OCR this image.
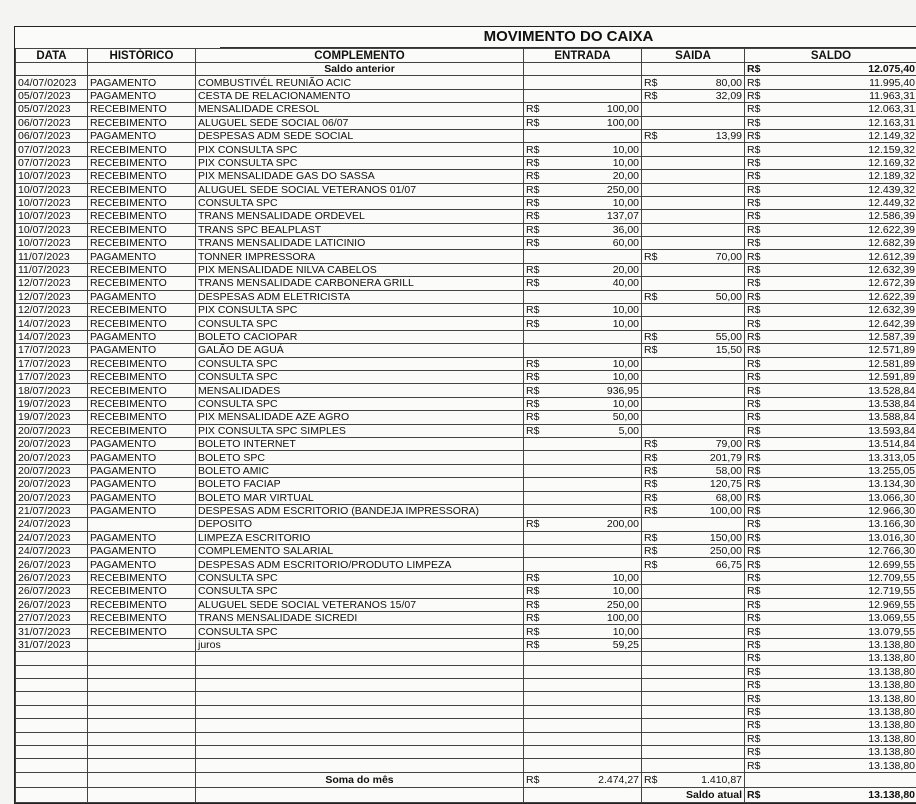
MOVIMENTO DO CAIXA
DATA	HISTÓRICO	COMPLEMENTO	ENTRADA	SAIDA	SALDO
		Saldo anterior			R$ 12.075,40
04/07/02023	PAGAMENTO	COMBUSTIVÉL REUNIÃO ACIC		R$ 80,00	R$ 11.995,40
05/07/2023	PAGAMENTO	CESTA DE RELACIONAMENTO		R$ 32,09	R$ 11.963,31
05/07/2023	RECEBIMENTO	MENSALIDADE CRESOL	R$ 100,00		R$ 12.063,31
06/07/2023	RECEBIMENTO	ALUGUEL SEDE SOCIAL 06/07	R$ 100,00		R$ 12.163,31
06/07/2023	PAGAMENTO	DESPESAS ADM SEDE SOCIAL		R$ 13,99	R$ 12.149,32
07/07/2023	RECEBIMENTO	PIX CONSULTA SPC	R$ 10,00		R$ 12.159,32
07/07/2023	RECEBIMENTO	PIX CONSULTA SPC	R$ 10,00		R$ 12.169,32
10/07/2023	RECEBIMENTO	PIX MENSALIDADE GAS DO SASSA	R$ 20,00		R$ 12.189,32
10/07/2023	RECEBIMENTO	ALUGUEL SEDE SOCIAL VETERANOS 01/07	R$ 250,00		R$ 12.439,32
10/07/2023	RECEBIMENTO	CONSULTA SPC	R$ 10,00		R$ 12.449,32
10/07/2023	RECEBIMENTO	TRANS MENSALIDADE ORDEVEL	R$ 137,07		R$ 12.586,39
10/07/2023	RECEBIMENTO	TRANS SPC BEALPLAST	R$ 36,00		R$ 12.622,39
10/07/2023	RECEBIMENTO	TRANS MENSALIDADE LATICINIO	R$ 60,00		R$ 12.682,39
11/07/2023	PAGAMENTO	TONNER IMPRESSORA		R$ 70,00	R$ 12.612,39
11/07/2023	RECEBIMENTO	PIX MENSALIDADE NILVA CABELOS	R$ 20,00		R$ 12.632,39
12/07/2023	RECEBIMENTO	TRANS MENSALIDADE CARBONERA GRILL	R$ 40,00		R$ 12.672,39
12/07/2023	PAGAMENTO	DESPESAS ADM ELETRICISTA		R$ 50,00	R$ 12.622,39
12/07/2023	RECEBIMENTO	PIX CONSULTA SPC	R$ 10,00		R$ 12.632,39
14/07/2023	RECEBIMENTO	CONSULTA SPC	R$ 10,00		R$ 12.642,39
14/07/2023	PAGAMENTO	BOLETO CACIOPAR		R$ 55,00	R$ 12.587,39
17/07/2023	PAGAMENTO	GALÃO DE AGUÁ		R$ 15,50	R$ 12.571,89
17/07/2023	RECEBIMENTO	CONSULTA SPC	R$ 10,00		R$ 12.581,89
17/07/2023	RECEBIMENTO	CONSULTA SPC	R$ 10,00		R$ 12.591,89
18/07/2023	RECEBIMENTO	MENSALIDADES	R$ 936,95		R$ 13.528,84
19/07/2023	RECEBIMENTO	CONSULTA SPC	R$ 10,00		R$ 13.538,84
19/07/2023	RECEBIMENTO	PIX MENSALIDADE AZE AGRO	R$ 50,00		R$ 13.588,84
20/07/2023	RECEBIMENTO	PIX CONSULTA SPC SIMPLES	R$ 5,00		R$ 13.593,84
20/07/2023	PAGAMENTO	BOLETO INTERNET		R$ 79,00	R$ 13.514,84
20/07/2023	PAGAMENTO	BOLETO SPC		R$ 201,79	R$ 13.313,05
20/07/2023	PAGAMENTO	BOLETO AMIC		R$ 58,00	R$ 13.255,05
20/07/2023	PAGAMENTO	BOLETO FACIAP		R$ 120,75	R$ 13.134,30
20/07/2023	PAGAMENTO	BOLETO MAR VIRTUAL		R$ 68,00	R$ 13.066,30
21/07/2023	PAGAMENTO	DESPESAS ADM ESCRITORIO (BANDEJA IMPRESSORA)		R$ 100,00	R$ 12.966,30
24/07/2023		DEPOSITO	R$ 200,00		R$ 13.166,30
24/07/2023	PAGAMENTO	LIMPEZA ESCRITORIO		R$ 150,00	R$ 13.016,30
24/07/2023	PAGAMENTO	COMPLEMENTO SALARIAL		R$ 250,00	R$ 12.766,30
26/07/2023	PAGAMENTO	DESPESAS ADM ESCRITORIO/PRODUTO LIMPEZA		R$ 66,75	R$ 12.699,55
26/07/2023	RECEBIMENTO	CONSULTA SPC	R$ 10,00		R$ 12.709,55
26/07/2023	RECEBIMENTO	CONSULTA SPC	R$ 10,00		R$ 12.719,55
26/07/2023	RECEBIMENTO	ALUGUEL SEDE SOCIAL VETERANOS 15/07	R$ 250,00		R$ 12.969,55
27/07/2023	RECEBIMENTO	TRANS MENSALIDADE SICREDI	R$ 100,00		R$ 13.069,55
31/07/2023	RECEBIMENTO	CONSULTA SPC	R$ 10,00		R$ 13.079,55
31/07/2023		juros	R$ 59,25		R$ 13.138,80

					R$ 13.138,80

					R$ 13.138,80

					R$ 13.138,80

					R$ 13.138,80

					R$ 13.138,80

					R$ 13.138,80

					R$ 13.138,80

					R$ 13.138,80

					R$ 13.138,80
		Soma do mês	R$ 2.474,27	R$ 1.410,87	
				Saldo atual	R$ 13.138,80
